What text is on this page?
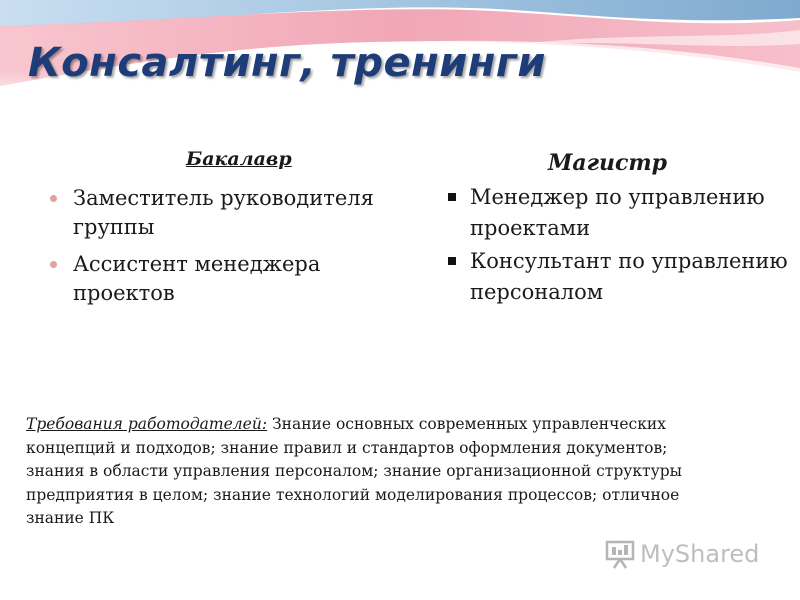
Консалтинг, тренинги
Бакалавр
Заместитель руководителя группы
Ассистент менеджера проектов
Магистр
Менеджер по управлению проектами
Консультант по управлению персоналом

Требования работодателей: Знание основных современных управленческих концепций и подходов; знание правил и стандартов оформления документов; знания в области управления персоналом; знание организационной структуры предприятия в целом; знание технологий моделирования процессов; отличное знание ПК

MyShared
